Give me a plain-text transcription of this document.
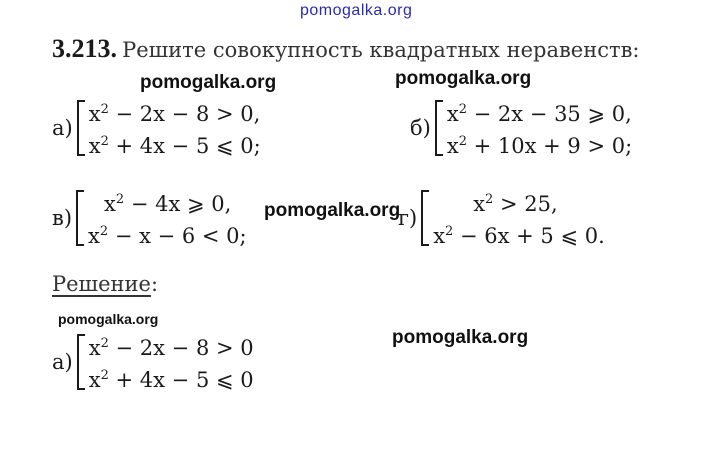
pomogalka.org
3.213. Решите совокупность квадратных неравенств:
pomogalka.org	pomogalka.org
а)
$x^2 - 2x - 8 > 0$,
$x^2 + 4x - 5$ ⩽ 0;
б)
$x^2 - 2x - 35$ ⩾ 0,
$x^2 + 10x + 9 > 0$;
в)
$x^2 - 4x$ ⩾ 0,
$x^2 - x - 6 < 0$;
г)
$x^2 > 25$,
$x^2 - 6x + 5$ ⩽ 0.
pomogalka.org
Решение:
pomogalka.org
pomogalka.org
а)
$x^2 - 2x - 8 > 0$
$x^2 + 4x - 5$ ⩽ 0
